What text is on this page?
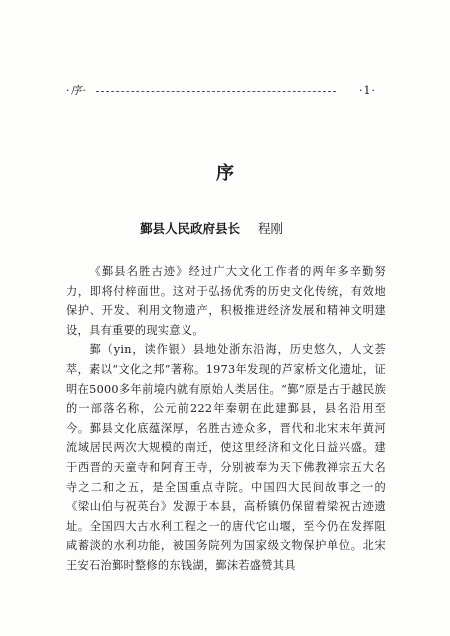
·序·	·1·
序
鄞县人民政府县长 程刚

《鄞县名胜古迹》经过广大文化工作者的两年多辛勤努力，即将付梓面世。这对于弘扬优秀的历史文化传统，有效地保护、开发、利用文物遗产，积极推进经济发展和精神文明建设，具有重要的现实意义。

鄞（yin，读作银）县地处浙东沿海，历史悠久，人文荟萃，素以“文化之邦”著称。1973年发现的芦家桥文化遗址，证明在5000多年前境内就有原始人类居住。“鄞”原是古于越民族的一部落名称，公元前222年秦朝在此建鄞县，县名沿用至今。鄞县文化底蕴深厚，名胜古迹众多，晋代和北宋末年黄河流域居民两次大规模的南迁，使这里经济和文化日益兴盛。建于西晋的天童寺和阿育王寺，分别被奉为天下佛教禅宗五大名寺之二和之五，是全国重点寺院。中国四大民间故事之一的《梁山伯与祝英台》发源于本县，高桥镇仍保留着梁祝古迹遗址。全国四大古水利工程之一的唐代它山堰，至今仍在发挥阻咸蓄淡的水利功能，被国务院列为国家级文物保护单位。北宋王安石治鄞时整修的东钱湖，鄞沫若盛赞其具
